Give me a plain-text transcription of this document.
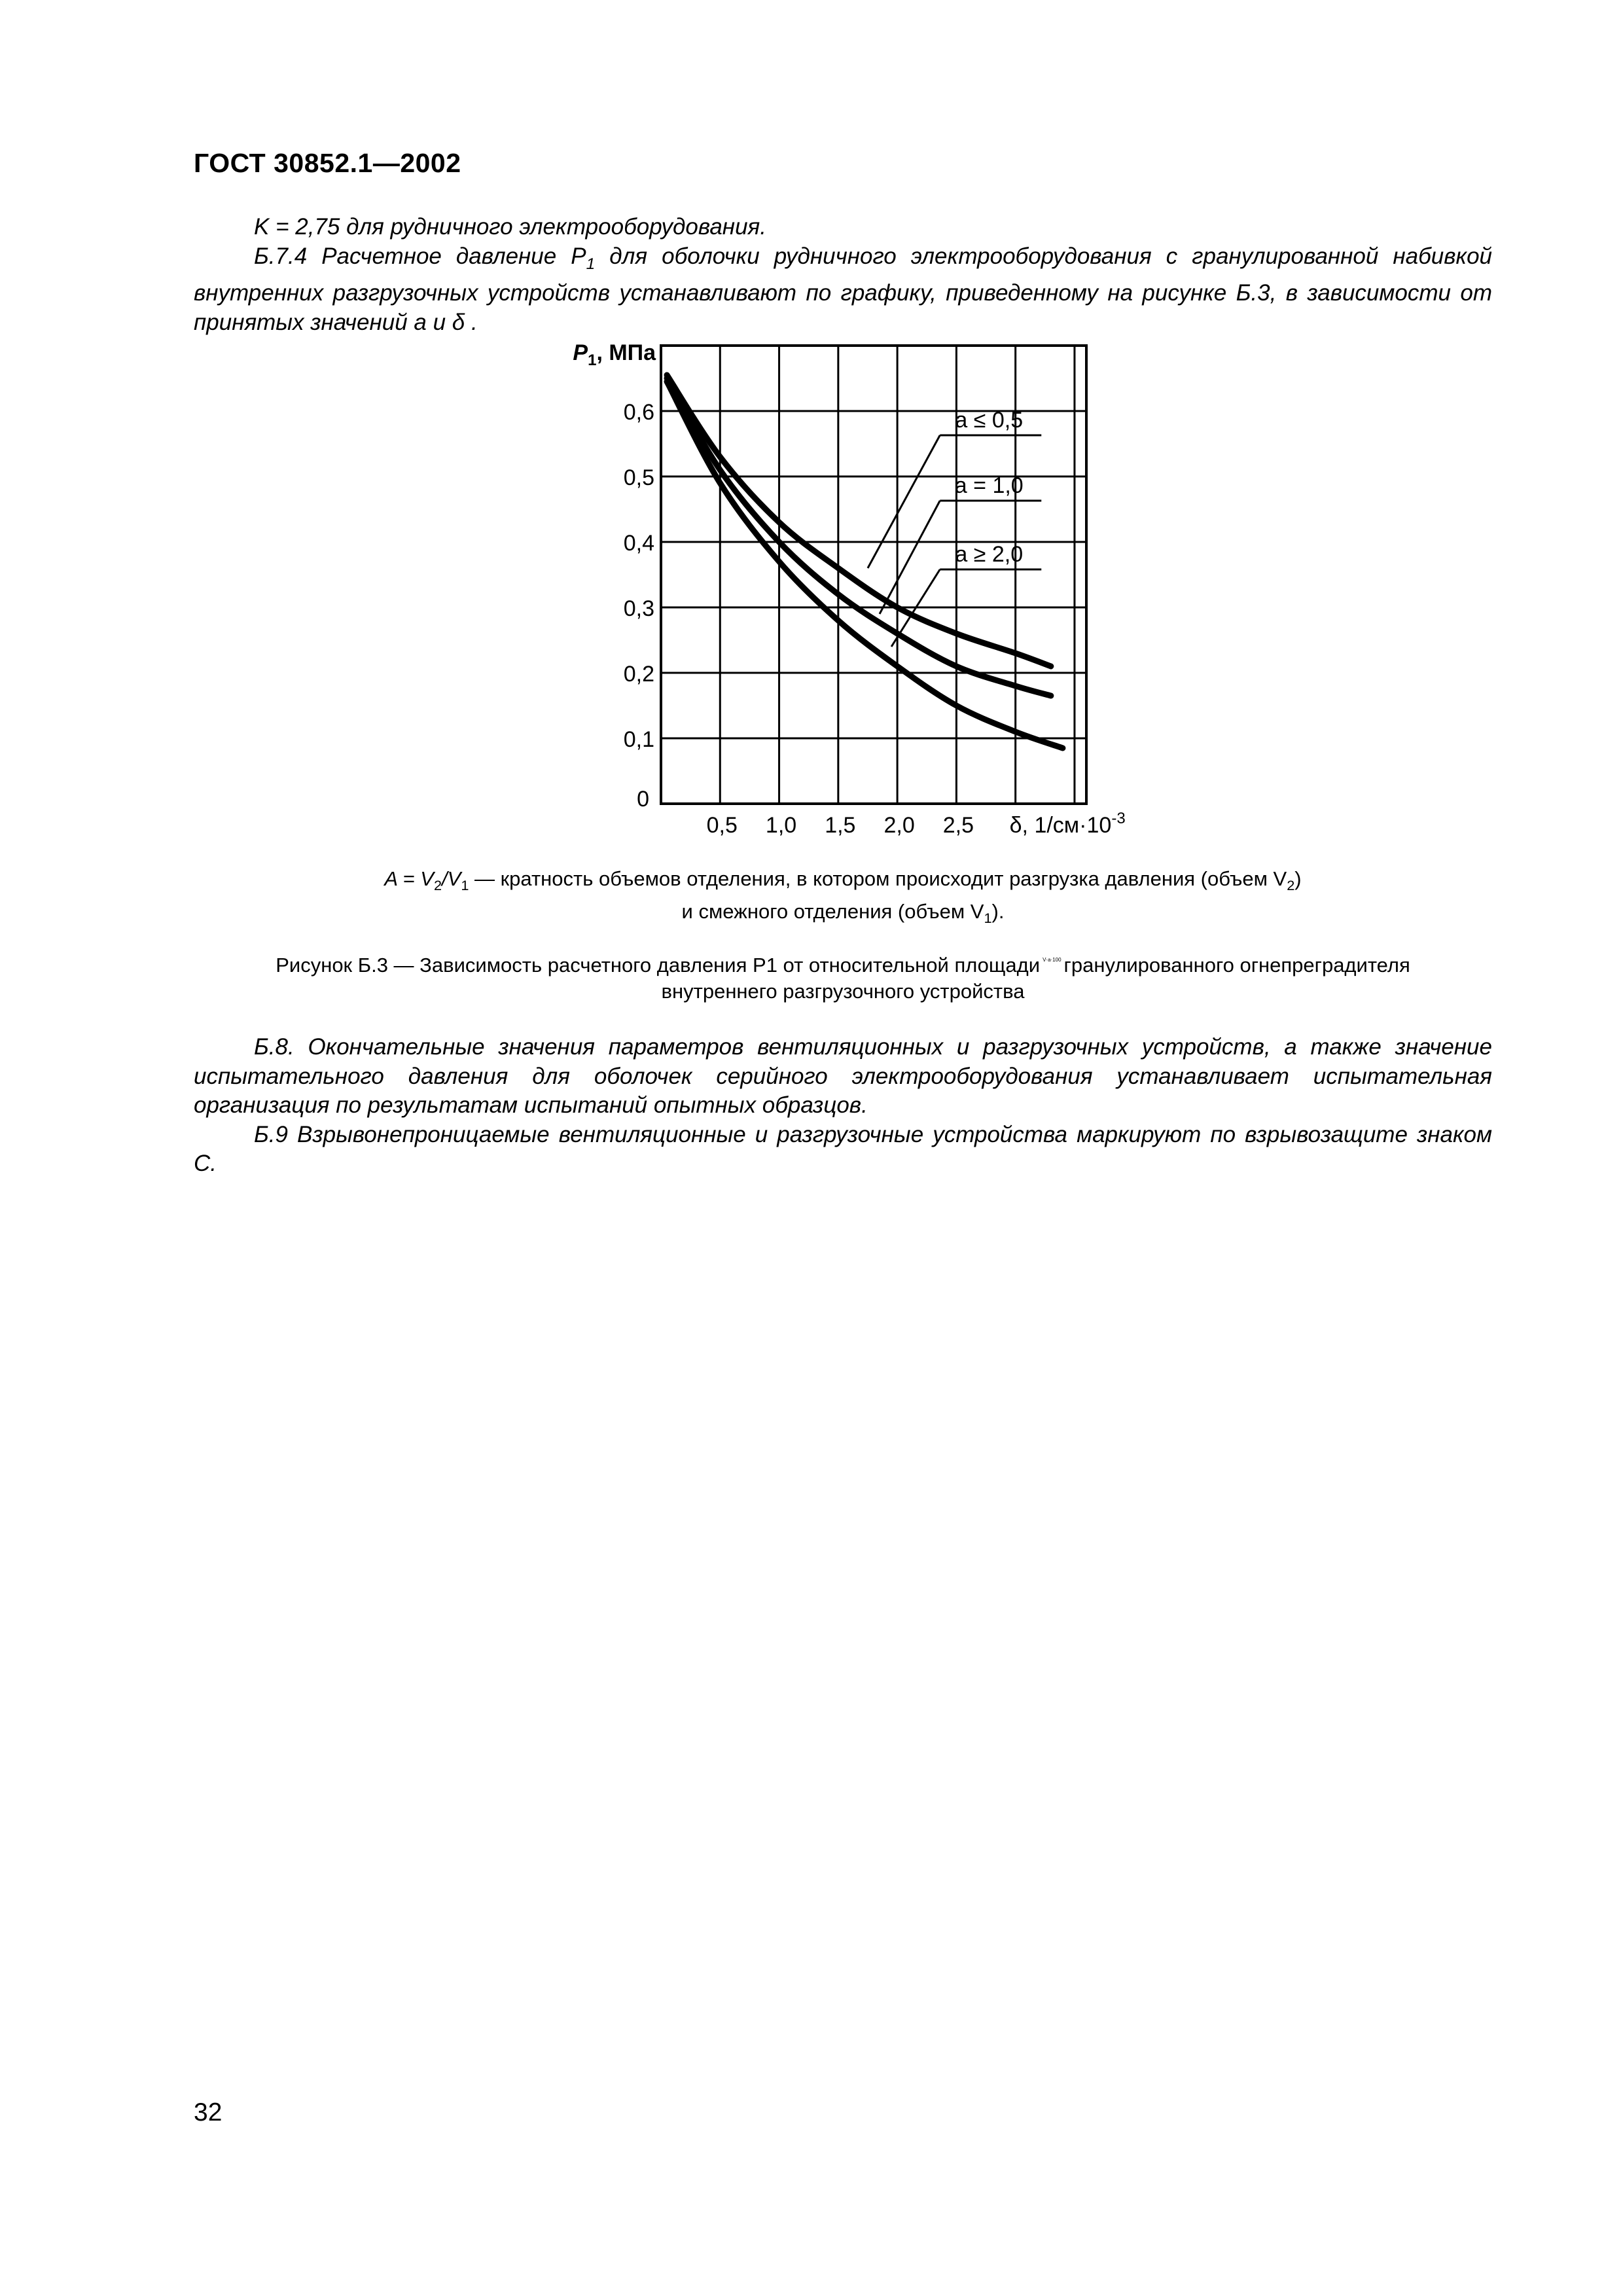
ГОСТ 30852.1—2002

K = 2,75 для рудничного электрооборудования.

Б.7.4 Расчетное давление $P_1$ для оболочки рудничного электрооборудования с гранулированной набивкой внутренних разгрузочных устройств устанавливают по графику, приведенному на рисунке Б.3, в зависимости от принятых значений a и δ .

a ≤ 0,5
a = 1,0
a ≥ 2,0
0,1
0,2
0,3
0,4
0,5
0,6
0
0,5 1,0 1,5 2,0 2,5 δ, $1/см\cdot 10^{-3}$
$P_1$, МПа
$A = V_2/V_1$ — кратность объемов отделения, в котором происходит разгрузка давления (объем $V_2$)
и смежного отделения (объем $V_1$).
Рисунок Б.3 — Зависимость расчетного давления P1 от относительной площади $^{V\cdot a\cdot 100}$ гранулированного огнепреградителя
внутреннего разгрузочного устройства

Б.8. Окончательные значения параметров вентиляционных и разгрузочных устройств, а также значение испытательного давления для оболочек серийного электрооборудования устанавливает испытательная организация по результатам испытаний опытных образцов.

Б.9 Взрывонепроницаемые вентиляционные и разгрузочные устройства маркируют по взрывозащите знаком С.

32
